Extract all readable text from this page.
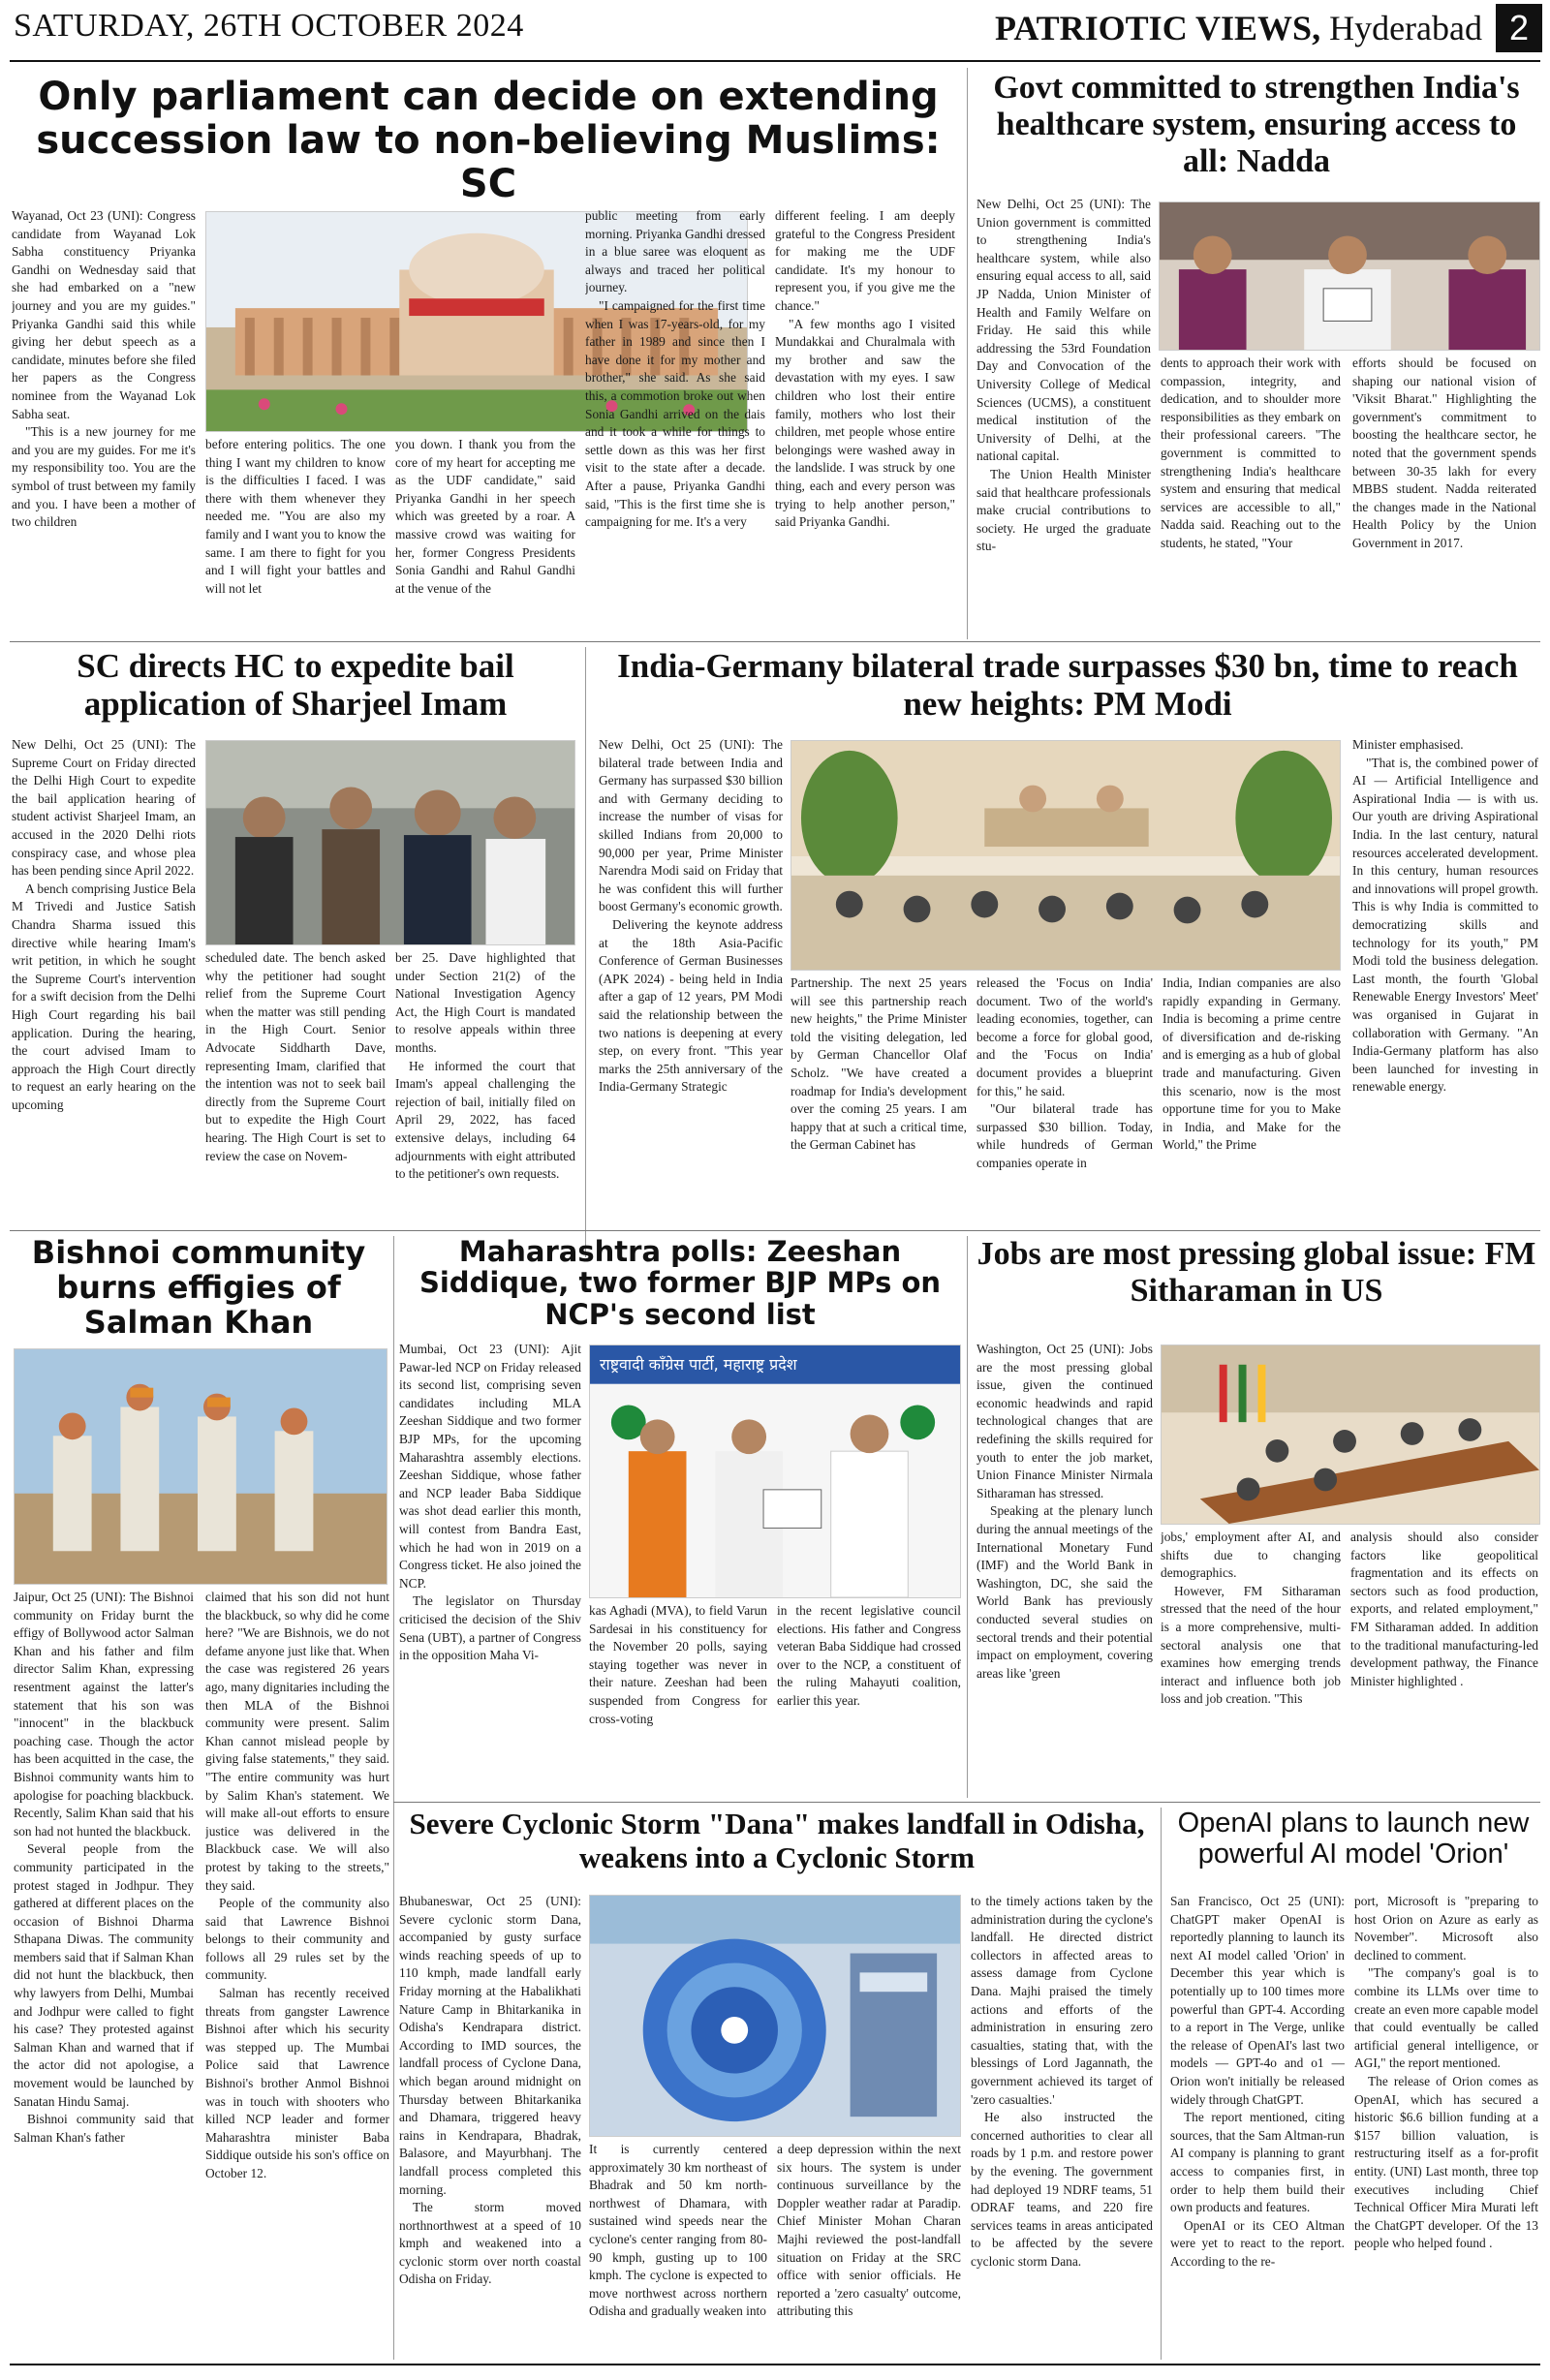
SATURDAY, 26TH OCTOBER 2024	PATRIOTIC VIEWS, Hyderabad 2
Only parliament can decide on extending succession law to non-believing Muslims: SC

Wayanad, Oct 23 (UNI): Congress candidate from Wayanad Lok Sabha constituency Priyanka Gandhi on Wednesday said that she had embarked on a "new journey and you are my guides." Priyanka Gandhi said this while giving her debut speech as a candidate, minutes before she filed her papers as the Congress nominee from the Wayanad Lok Sabha seat.

"This is a new journey for me and you are my guides. For me it's my responsibility too. You are the symbol of trust between my family and you. I have been a mother of two children

before entering politics. The one thing I want my children to know is the difficulties I faced. I was there with them whenever they needed me. "You are also my family and I want you to know the same. I am there to fight for you and I will fight your battles and will not let
you down. I thank you from the core of my heart for accepting me as the UDF candidate," said Priyanka Gandhi in her speech which was greeted by a roar. A massive crowd was waiting for her, former Congress Presidents Sonia Gandhi and Rahul Gandhi at the venue of the

public meeting from early morning. Priyanka Gandhi dressed in a blue saree was eloquent as always and traced her political journey.

"I campaigned for the first time when I was 17-years-old, for my father in 1989 and since then I have done it for my mother and brother," she said. As she said this, a commotion broke out when Sonia Gandhi arrived on the dais and it took a while for things to settle down as this was her first visit to the state after a decade. After a pause, Priyanka Gandhi said, "This is the first time she is campaigning for me. It's a very

different feeling. I am deeply grateful to the Congress President for making me the UDF candidate. It's my honour to represent you, if you give me the chance."

"A few months ago I visited Mundakkai and Churalmala with my brother and saw the devastation with my eyes. I saw children who lost their entire family, mothers who lost their children, met people whose entire belongings were washed away in the landslide. I was struck by one thing, each and every person was trying to help another person," said Priyanka Gandhi.

Govt committed to strengthen India's healthcare system, ensuring access to all: Nadda

New Delhi, Oct 25 (UNI): The Union government is committed to strengthening India's healthcare system, while also ensuring equal access to all, said JP Nadda, Union Minister of Health and Family Welfare on Friday. He said this while addressing the 53rd Foundation Day and Convocation of the University College of Medical Sciences (UCMS), a constituent medical institution of the University of Delhi, at the national capital.

The Union Health Minister said that healthcare professionals make crucial contributions to society. He urged the graduate stu-

dents to approach their work with compassion, integrity, and dedication, and to shoulder more responsibilities as they embark on their professional careers. "The government is committed to strengthening India's healthcare system and ensuring that medical services are accessible to all," Nadda said. Reaching out to the students, he stated, "Your
efforts should be focused on shaping our national vision of 'Viksit Bharat." Highlighting the government's commitment to boosting the healthcare sector, he noted that the government spends between 30-35 lakh for every MBBS student. Nadda reiterated the changes made in the National Health Policy by the Union Government in 2017.
SC directs HC to expedite bail application of Sharjeel Imam

New Delhi, Oct 25 (UNI): The Supreme Court on Friday directed the Delhi High Court to expedite the bail application hearing of student activist Sharjeel Imam, an accused in the 2020 Delhi riots conspiracy case, and whose plea has been pending since April 2022.

A bench comprising Justice Bela M Trivedi and Justice Satish Chandra Sharma issued this directive while hearing Imam's writ petition, in which he sought the Supreme Court's intervention for a swift decision from the Delhi High Court regarding his bail application. During the hearing, the court advised Imam to approach the High Court directly to request an early hearing on the upcoming

scheduled date. The bench asked why the petitioner had sought relief from the Supreme Court when the matter was still pending in the High Court. Senior Advocate Siddharth Dave, representing Imam, clarified that the intention was not to seek bail directly from the Supreme Court but to expedite the High Court hearing. The High Court is set to review the case on Novem-

ber 25. Dave highlighted that under Section 21(2) of the National Investigation Agency Act, the High Court is mandated to resolve appeals within three months.

He informed the court that Imam's appeal challenging the rejection of bail, initially filed on April 29, 2022, has faced extensive delays, including 64 adjournments with eight attributed to the petitioner's own requests.

India-Germany bilateral trade surpasses $30 bn, time to reach new heights: PM Modi

New Delhi, Oct 25 (UNI): The bilateral trade between India and Germany has surpassed $30 billion and with Germany deciding to increase the number of visas for skilled Indians from 20,000 to 90,000 per year, Prime Minister Narendra Modi said on Friday that he was confident this will further boost Germany's economic growth.

Delivering the keynote address at the 18th Asia-Pacific Conference of German Businesses (APK 2024) - being held in India after a gap of 12 years, PM Modi said the relationship between the two nations is deepening at every step, on every front. "This year marks the 25th anniversary of the India-Germany Strategic

Partnership. The next 25 years will see this partnership reach new heights," the Prime Minister told the visiting delegation, led by German Chancellor Olaf Scholz. "We have created a roadmap for India's development over the coming 25 years. I am happy that at such a critical time, the German Cabinet has

released the 'Focus on India' document. Two of the world's leading economies, together, can become a force for global good, and the 'Focus on India' document provides a blueprint for this," he said.

"Our bilateral trade has surpassed $30 billion. Today, while hundreds of German companies operate in

India, Indian companies are also rapidly expanding in Germany. India is becoming a prime centre of diversification and de-risking and is emerging as a hub of global trade and manufacturing. Given this scenario, now is the most opportune time for you to Make in India, and Make for the World," the Prime

Minister emphasised.

"That is, the combined power of AI — Artificial Intelligence and Aspirational India — is with us. Our youth are driving Aspirational India. In the last century, natural resources accelerated development. In this century, human resources and innovations will propel growth. This is why India is committed to democratizing skills and technology for its youth," PM Modi told the business delegation. Last month, the fourth 'Global Renewable Energy Investors' Meet' was organised in Gujarat in collaboration with Germany. "An India-Germany platform has also been launched for investing in renewable energy.

Bishnoi community burns effigies of Salman Khan

Jaipur, Oct 25 (UNI): The Bishnoi community on Friday burnt the effigy of Bollywood actor Salman Khan and his father and film director Salim Khan, expressing resentment against the latter's statement that his son was "innocent" in the blackbuck poaching case. Though the actor has been acquitted in the case, the Bishnoi community wants him to apologise for poaching blackbuck. Recently, Salim Khan said that his son had not hunted the blackbuck.

Several people from the community participated in the protest staged in Jodhpur. They gathered at different places on the occasion of Bishnoi Dharma Sthapana Diwas. The community members said that if Salman Khan did not hunt the blackbuck, then why lawyers from Delhi, Mumbai and Jodhpur were called to fight his case? They protested against Salman Khan and warned that if the actor did not apologise, a movement would be launched by Sanatan Hindu Samaj.

Bishnoi community said that Salman Khan's father

claimed that his son did not hunt the blackbuck, so why did he come here? "We are Bishnois, we do not defame anyone just like that. When the case was registered 26 years ago, many dignitaries including the then MLA of the Bishnoi community were present. Salim Khan cannot mislead people by giving false statements," they said. "The entire community was hurt by Salim Khan's statement. We will make all-out efforts to ensure justice was delivered in the Blackbuck case. We will also protest by taking to the streets," they said.

People of the community also said that Lawrence Bishnoi belongs to their community and follows all 29 rules set by the community.

Salman has recently received threats from gangster Lawrence Bishnoi after which his security was stepped up. The Mumbai Police said that Lawrence Bishnoi's brother Anmol Bishnoi was in touch with shooters who killed NCP leader and former Maharashtra minister Baba Siddique outside his son's office on October 12.

Maharashtra polls: Zeeshan Siddique, two former BJP MPs on NCP's second list

Mumbai, Oct 23 (UNI): Ajit Pawar-led NCP on Friday released its second list, comprising seven candidates including MLA Zeeshan Siddique and two former BJP MPs, for the upcoming Maharashtra assembly elections. Zeeshan Siddique, whose father and NCP leader Baba Siddique was shot dead earlier this month, will contest from Bandra East, which he had won in 2019 on a Congress ticket. He also joined the NCP.

The legislator on Thursday criticised the decision of the Shiv Sena (UBT), a partner of Congress in the opposition Maha Vi-

राष्ट्रवादी काँग्रेस पार्टी, महाराष्ट्र प्रदेश
kas Aghadi (MVA), to field Varun Sardesai in his constituency for the November 20 polls, saying staying together was never in their nature. Zeeshan had been suspended from Congress for cross-voting
in the recent legislative council elections. His father and Congress veteran Baba Siddique had crossed over to the NCP, a constituent of the ruling Mahayuti coalition, earlier this year.
Jobs are most pressing global issue: FM Sitharaman in US

Washington, Oct 25 (UNI): Jobs are the most pressing global issue, given the continued economic headwinds and rapid technological changes that are redefining the skills required for youth to enter the job market, Union Finance Minister Nirmala Sitharaman has stressed.

Speaking at the plenary lunch during the annual meetings of the International Monetary Fund (IMF) and the World Bank in Washington, DC, she said the World Bank has previously conducted several studies on sectoral trends and their potential impact on employment, covering areas like 'green

jobs,' employment after AI, and shifts due to changing demographics.

However, FM Sitharaman stressed that the need of the hour is a more comprehensive, multi-sectoral analysis one that examines how emerging trends interact and influence both job loss and job creation. "This

analysis should also consider factors like geopolitical fragmentation and its effects on sectors such as food production, exports, and related employment," FM Sitharaman added. In addition to the traditional manufacturing-led development pathway, the Finance Minister highlighted .
Severe Cyclonic Storm "Dana" makes landfall in Odisha, weakens into a Cyclonic Storm

Bhubaneswar, Oct 25 (UNI): Severe cyclonic storm Dana, accompanied by gusty surface winds reaching speeds of up to 110 kmph, made landfall early Friday morning at the Habalikhati Nature Camp in Bhitarkanika in Odisha's Kendrapara district. According to IMD sources, the landfall process of Cyclone Dana, which began around midnight on Thursday between Bhitarkanika and Dhamara, triggered heavy rains in Kendrapara, Bhadrak, Balasore, and Mayurbhanj. The landfall process completed this morning.

The storm moved northnorthwest at a speed of 10 kmph and weakened into a cyclonic storm over north coastal Odisha on Friday.

It is currently centered approximately 30 km northeast of Bhadrak and 50 km north-northwest of Dhamara, with sustained wind speeds near the cyclone's center ranging from 80-90 kmph, gusting up to 100 kmph. The cyclone is expected to move northwest across northern Odisha and gradually weaken into
a deep depression within the next six hours. The system is under continuous surveillance by the Doppler weather radar at Paradip. Chief Minister Mohan Charan Majhi reviewed the post-landfall situation on Friday at the SRC office with senior officials. He reported a 'zero casualty' outcome, attributing this

to the timely actions taken by the administration during the cyclone's landfall. He directed district collectors in affected areas to assess damage from Cyclone Dana. Majhi praised the timely actions and efforts of the administration in ensuring zero casualties, stating that, with the blessings of Lord Jagannath, the government achieved its target of 'zero casualties.'

He also instructed the concerned authorities to clear all roads by 1 p.m. and restore power by the evening. The government had deployed 19 NDRF teams, 51 ODRAF teams, and 220 fire services teams in areas anticipated to be affected by the severe cyclonic storm Dana.

OpenAI plans to launch new powerful AI model 'Orion'

San Francisco, Oct 25 (UNI): ChatGPT maker OpenAI is reportedly planning to launch its next AI model called 'Orion' in December this year which is potentially up to 100 times more powerful than GPT-4. According to a report in The Verge, unlike the release of OpenAI's last two models — GPT-4o and o1 — Orion won't initially be released widely through ChatGPT.

The report mentioned, citing sources, that the Sam Altman-run AI company is planning to grant access to companies first, in order to help them build their own products and features.

OpenAI or its CEO Altman were yet to react to the report. According to the re-

port, Microsoft is "preparing to host Orion on Azure as early as November". Microsoft also declined to comment.

"The company's goal is to combine its LLMs over time to create an even more capable model that could eventually be called artificial general intelligence, or AGI," the report mentioned.

The release of Orion comes as OpenAI, which has secured a historic $6.6 billion funding at a $157 billion valuation, is restructuring itself as a for-profit entity. (UNI) Last month, three top executives including Chief Technical Officer Mira Murati left the ChatGPT developer. Of the 13 people who helped found .
